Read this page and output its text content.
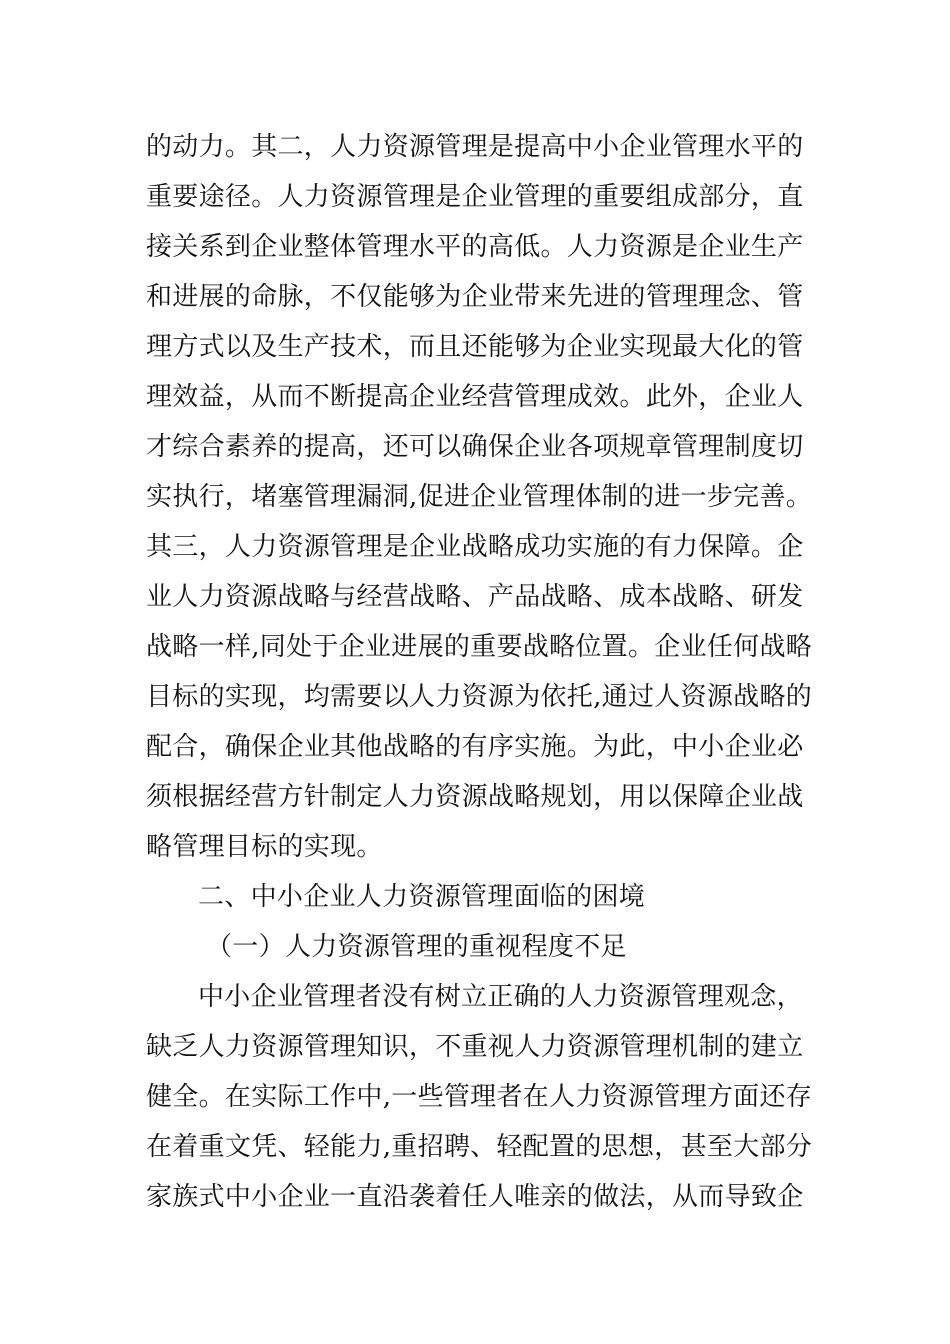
的动力。其二，人力资源管理是提高中小企业管理水平的
重要途径。人力资源管理是企业管理的重要组成部分，直
接关系到企业整体管理水平的高低。人力资源是企业生产
和进展的命脉，不仅能够为企业带来先进的管理理念、管
理方式以及生产技术，而且还能够为企业实现最大化的管
理效益，从而不断提高企业经营管理成效。此外，企业人
才综合素养的提高，还可以确保企业各项规章管理制度切
实执行，堵塞管理漏洞,促进企业管理体制的进一步完善。
其三，人力资源管理是企业战略成功实施的有力保障。企
业人力资源战略与经营战略、产品战略、成本战略、研发
战略一样,同处于企业进展的重要战略位置。企业任何战略
目标的实现，均需要以人力资源为依托,通过人资源战略的
配合，确保企业其他战略的有序实施。为此，中小企业必
须根据经营方针制定人力资源战略规划，用以保障企业战
略管理目标的实现。
二、中小企业人力资源管理面临的困境
（一）人力资源管理的重视程度不足
中小企业管理者没有树立正确的人力资源管理观念，
缺乏人力资源管理知识，不重视人力资源管理机制的建立
健全。在实际工作中,一些管理者在人力资源管理方面还存
在着重文凭、轻能力,重招聘、轻配置的思想，甚至大部分
家族式中小企业一直沿袭着任人唯亲的做法，从而导致企
